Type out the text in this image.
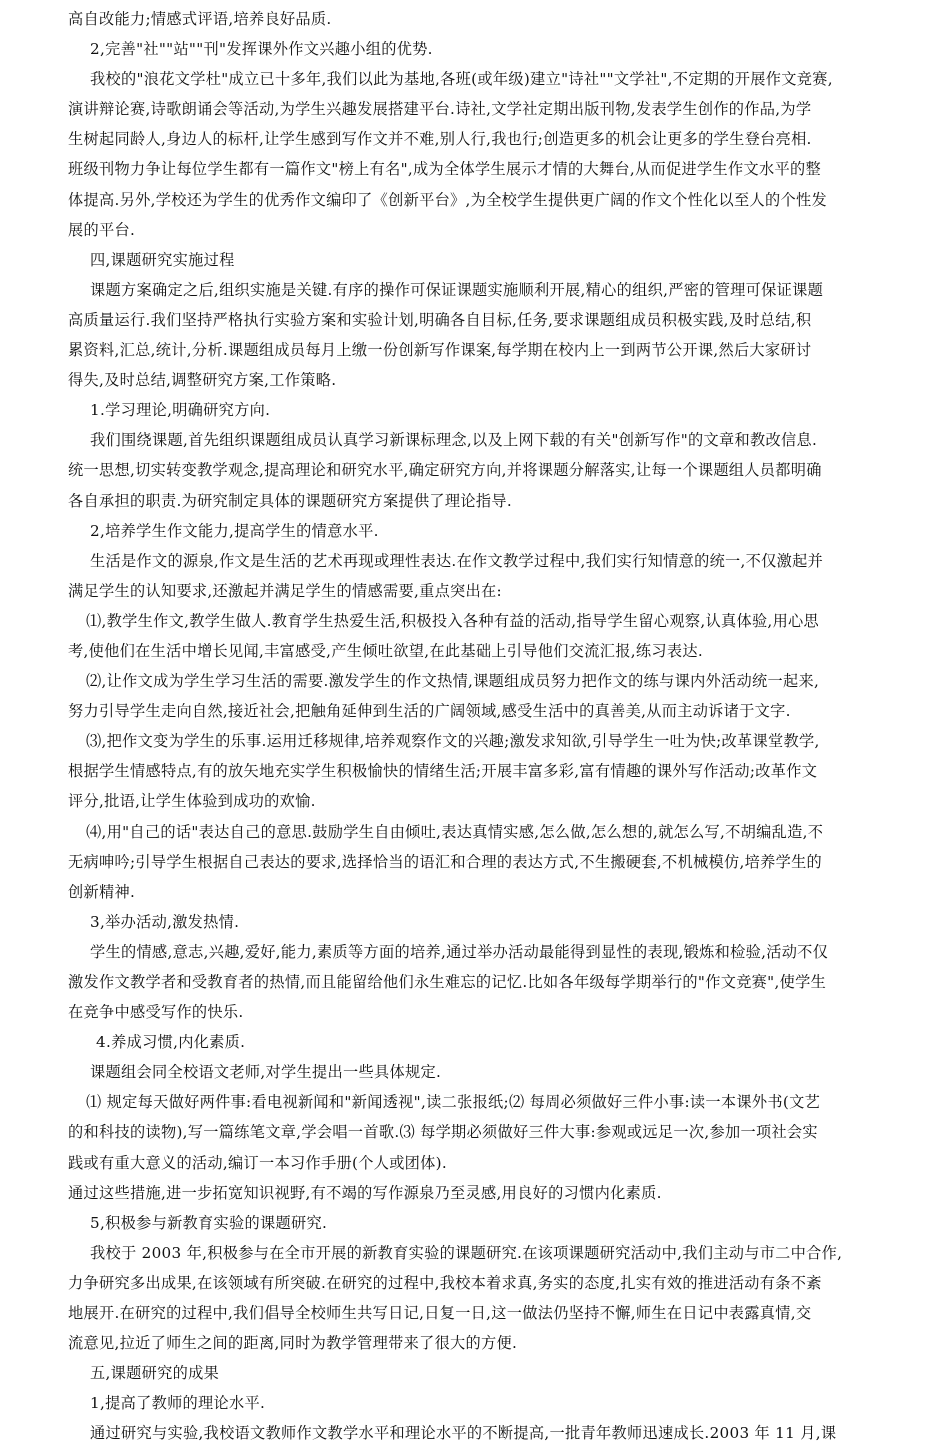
高自改能力;情感式评语,培养良好品质.
2,完善"社""站""刊"发挥课外作文兴趣小组的优势.
我校的"浪花文学杜"成立已十多年,我们以此为基地,各班(或年级)建立"诗社""文学社",不定期的开展作文竞赛,
演讲辩论赛,诗歌朗诵会等活动,为学生兴趣发展搭建平台.诗社,文学社定期出版刊物,发表学生创作的作品,为学
生树起同龄人,身边人的标杆,让学生感到写作文并不难,别人行,我也行;创造更多的机会让更多的学生登台亮相.
班级刊物力争让每位学生都有一篇作文"榜上有名",成为全体学生展示才情的大舞台,从而促进学生作文水平的整
体提高.另外,学校还为学生的优秀作文编印了《创新平台》,为全校学生提供更广阔的作文个性化以至人的个性发
展的平台.
四,课题研究实施过程
课题方案确定之后,组织实施是关键.有序的操作可保证课题实施顺利开展,精心的组织,严密的管理可保证课题
高质量运行.我们坚持严格执行实验方案和实验计划,明确各自目标,任务,要求课题组成员积极实践,及时总结,积
累资料,汇总,统计,分析.课题组成员每月上缴一份创新写作课案,每学期在校内上一到两节公开课,然后大家研讨
得失,及时总结,调整研究方案,工作策略.
1.学习理论,明确研究方向.
我们围绕课题,首先组织课题组成员认真学习新课标理念,以及上网下载的有关"创新写作"的文章和教改信息.
统一思想,切实转变教学观念,提高理论和研究水平,确定研究方向,并将课题分解落实,让每一个课题组人员都明确
各自承担的职责.为研究制定具体的课题研究方案提供了理论指导.
2,培养学生作文能力,提高学生的情意水平.
生活是作文的源泉,作文是生活的艺术再现或理性表达.在作文教学过程中,我们实行知情意的统一,不仅激起并
满足学生的认知要求,还激起并满足学生的情感需要,重点突出在:
⑴,教学生作文,教学生做人.教育学生热爱生活,积极投入各种有益的活动,指导学生留心观察,认真体验,用心思
考,使他们在生活中增长见闻,丰富感受,产生倾吐欲望,在此基础上引导他们交流汇报,练习表达.
⑵,让作文成为学生学习生活的需要.激发学生的作文热情,课题组成员努力把作文的练与课内外活动统一起来,
努力引导学生走向自然,接近社会,把触角延伸到生活的广阔领域,感受生活中的真善美,从而主动诉诸于文字.
⑶,把作文变为学生的乐事.运用迁移规律,培养观察作文的兴趣;激发求知欲,引导学生一吐为快;改革课堂教学,
根据学生情感特点,有的放矢地充实学生积极愉快的情绪生活;开展丰富多彩,富有情趣的课外写作活动;改革作文
评分,批语,让学生体验到成功的欢愉.
⑷,用"自己的话"表达自己的意思.鼓励学生自由倾吐,表达真情实感,怎么做,怎么想的,就怎么写,不胡编乱造,不
无病呻吟;引导学生根据自己表达的要求,选择恰当的语汇和合理的表达方式,不生搬硬套,不机械模仿,培养学生的
创新精神.
3,举办活动,激发热情.
学生的情感,意志,兴趣,爱好,能力,素质等方面的培养,通过举办活动最能得到显性的表现,锻炼和检验,活动不仅
激发作文教学者和受教育者的热情,而且能留给他们永生难忘的记忆.比如各年级每学期举行的"作文竞赛",使学生
在竞争中感受写作的快乐.
4.养成习惯,内化素质.
课题组会同全校语文老师,对学生提出一些具体规定.
⑴ 规定每天做好两件事:看电视新闻和"新闻透视",读二张报纸;⑵ 每周必须做好三件小事:读一本课外书(文艺
的和科技的读物),写一篇练笔文章,学会唱一首歌.⑶ 每学期必须做好三件大事:参观或远足一次,参加一项社会实
践或有重大意义的活动,编订一本习作手册(个人或团体).
通过这些措施,进一步拓宽知识视野,有不竭的写作源泉乃至灵感,用良好的习惯内化素质.
5,积极参与新教育实验的课题研究.
我校于 2003 年,积极参与在全市开展的新教育实验的课题研究.在该项课题研究活动中,我们主动与市二中合作,
力争研究多出成果,在该领域有所突破.在研究的过程中,我校本着求真,务实的态度,扎实有效的推进活动有条不紊
地展开.在研究的过程中,我们倡导全校师生共写日记,日复一日,这一做法仍坚持不懈,师生在日记中表露真情,交
流意见,拉近了师生之间的距离,同时为教学管理带来了很大的方便.
五,课题研究的成果
1,提高了教师的理论水平.
通过研究与实验,我校语文教师作文教学水平和理论水平的不断提高,一批青年教师迅速成长.2003 年 11 月,课
